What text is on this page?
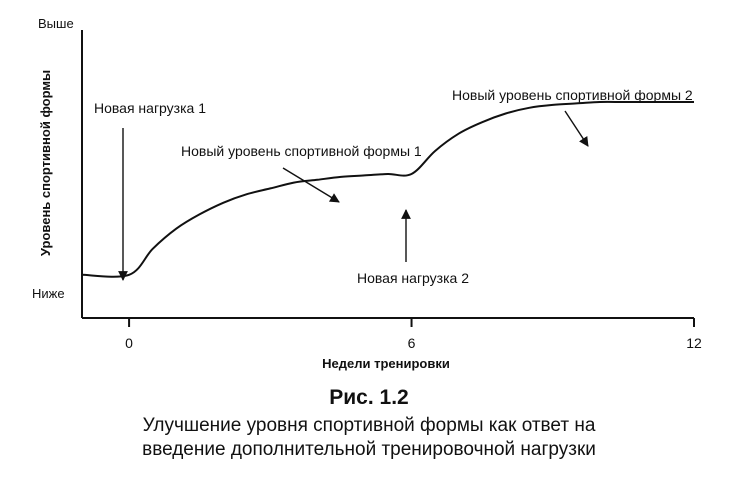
Выше
Ниже
Уровень спортивной формы
Недели тренировки
0	6	12
Новая нагрузка 1
Новый уровень спортивной формы 1
Новая нагрузка 2
Новый уровень спортивной формы 2
Рис. 1.2
Улучшение уровня спортивной формы как ответ на
введение дополнительной тренировочной нагрузки
